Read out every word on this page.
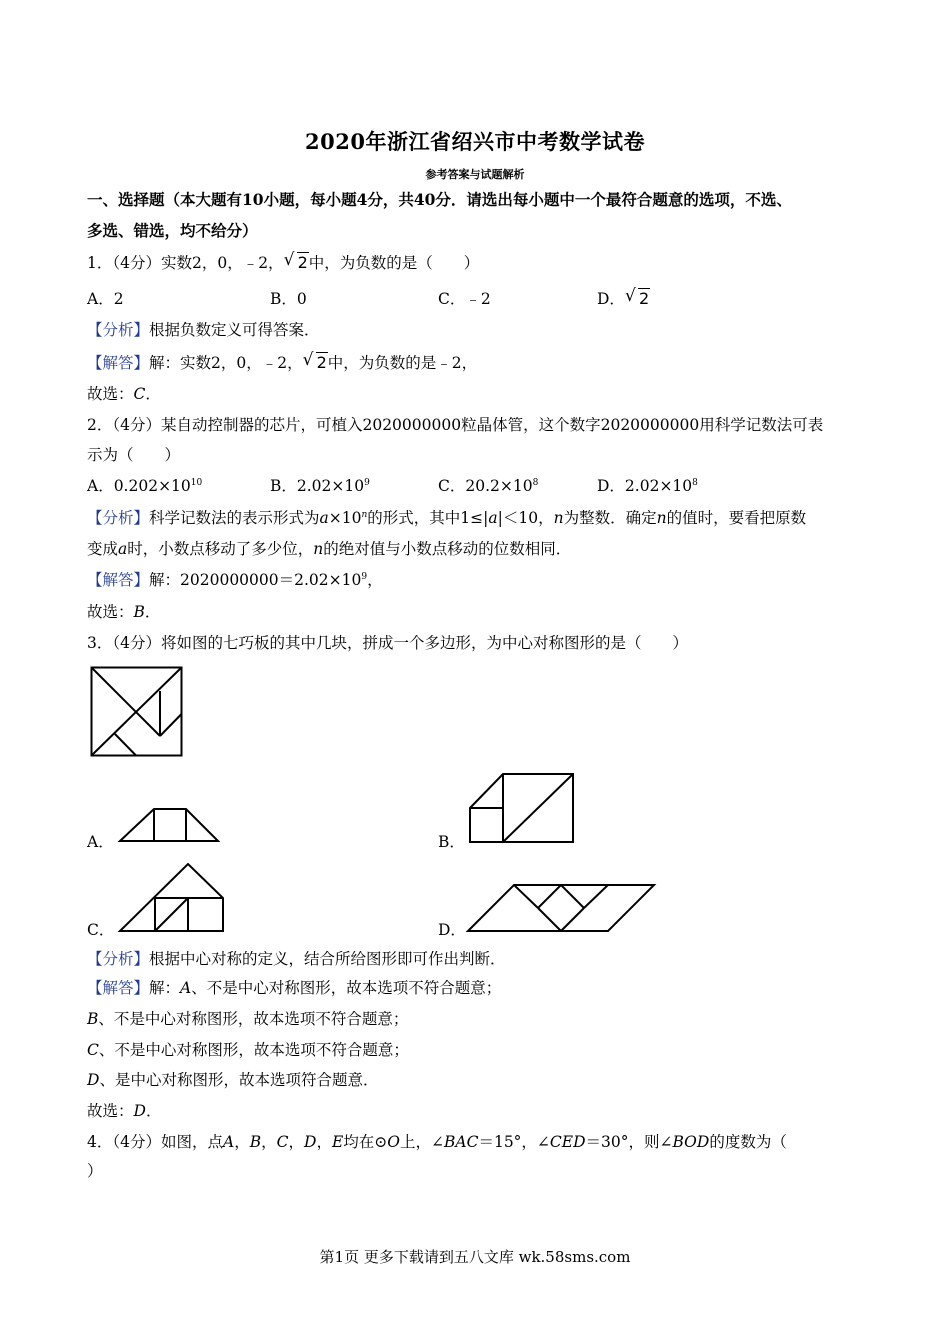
2020年浙江省绍兴市中考数学试卷
参考答案与试题解析
一、选择题（本大题有10小题，每小题4分，共40分．请选出每小题中一个最符合题意的选项，不选、
多选、错选，均不给分）
1．（4分）实数2，0，﹣2， √ 2中，为负数的是（　　）
A．2	B．0	C．﹣2	D． √ 2
【分析】根据负数定义可得答案．
【解答】解：实数2，0，﹣2， √ 2中，为负数的是﹣2，
故选：C．
2．（4分）某自动控制器的芯片，可植入2020000000粒晶体管，这个数字2020000000用科学记数法可表
示为（　　）
A．$0.202\times 10^{10}$	B．$2.02\times 10^9$	C．$20.2\times 10^8$	D．$2.02\times 10^8$
【分析】科学记数法的表示形式为$a\times 10^n$的形式，其中1≤|a|＜10，n为整数．确定n的值时，要看把原数
变成a时，小数点移动了多少位，n的绝对值与小数点移动的位数相同．
【解答】解：$2020000000=2.02\times 10^9$，
故选：B．
3．（4分）将如图的七巧板的其中几块，拼成一个多边形，为中心对称图形的是（　　）
A．	B．
C．	D．
【分析】根据中心对称的定义，结合所给图形即可作出判断．
【解答】解：A、不是中心对称图形，故本选项不符合题意；
B、不是中心对称图形，故本选项不符合题意；
C、不是中心对称图形，故本选项不符合题意；
D、是中心对称图形，故本选项符合题意．
故选：D．
4．（4分）如图，点A，B，C，D，E均在⊙O上，∠BAC＝15°，∠CED＝30°，则∠BOD的度数为（
）
第1页 更多下载请到五八文库 wk.58sms.com
